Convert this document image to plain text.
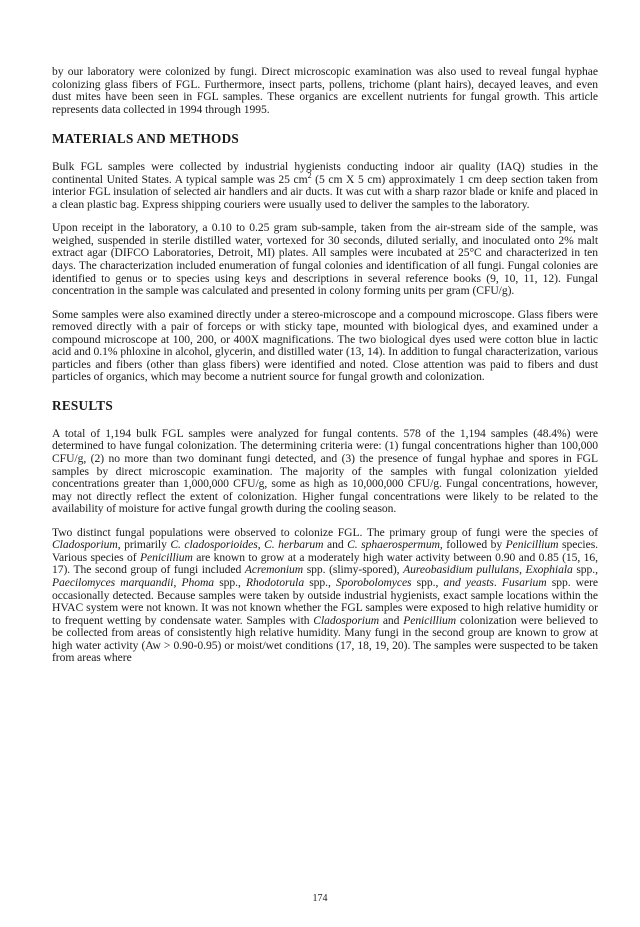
by our laboratory were colonized by fungi. Direct microscopic examination was also used to reveal fungal hyphae colonizing glass fibers of FGL. Furthermore, insect parts, pollens, trichome (plant hairs), decayed leaves, and even dust mites have been seen in FGL samples. These organics are excellent nutrients for fungal growth. This article represents data collected in 1994 through 1995.

MATERIALS AND METHODS

Bulk FGL samples were collected by industrial hygienists conducting indoor air quality (IAQ) studies in the continental United States. A typical sample was 25 $cm^2$ (5 cm X 5 cm) approximately 1 cm deep section taken from interior FGL insulation of selected air handlers and air ducts. It was cut with a sharp razor blade or knife and placed in a clean plastic bag. Express shipping couriers were usually used to deliver the samples to the laboratory.

Upon receipt in the laboratory, a 0.10 to 0.25 gram sub-sample, taken from the air-stream side of the sample, was weighed, suspended in sterile distilled water, vortexed for 30 seconds, diluted serially, and inoculated onto 2% malt extract agar (DIFCO Laboratories, Detroit, MI) plates. All samples were incubated at 25°C and characterized in ten days. The characterization included enumeration of fungal colonies and identification of all fungi. Fungal colonies are identified to genus or to species using keys and descriptions in several reference books (9, 10, 11, 12). Fungal concentration in the sample was calculated and presented in colony forming units per gram (CFU/g).

Some samples were also examined directly under a stereo-microscope and a compound microscope. Glass fibers were removed directly with a pair of forceps or with sticky tape, mounted with biological dyes, and examined under a compound microscope at 100, 200, or 400X magnifications. The two biological dyes used were cotton blue in lactic acid and 0.1% phloxine in alcohol, glycerin, and distilled water (13, 14). In addition to fungal characterization, various particles and fibers (other than glass fibers) were identified and noted. Close attention was paid to fibers and dust particles of organics, which may become a nutrient source for fungal growth and colonization.

RESULTS

A total of 1,194 bulk FGL samples were analyzed for fungal contents. 578 of the 1,194 samples (48.4%) were determined to have fungal colonization. The determining criteria were: (1) fungal concentrations higher than 100,000 CFU/g, (2) no more than two dominant fungi detected, and (3) the presence of fungal hyphae and spores in FGL samples by direct microscopic examination. The majority of the samples with fungal colonization yielded concentrations greater than 1,000,000 CFU/g, some as high as 10,000,000 CFU/g. Fungal concentrations, however, may not directly reflect the extent of colonization. Higher fungal concentrations were likely to be related to the availability of moisture for active fungal growth during the cooling season.

Two distinct fungal populations were observed to colonize FGL. The primary group of fungi were the species of Cladosporium, primarily C. cladosporioides, C. herbarum and C. sphaerospermum, followed by Penicillium species. Various species of Penicillium are known to grow at a moderately high water activity between 0.90 and 0.85 (15, 16, 17). The second group of fungi included Acremonium spp. (slimy-spored), Aureobasidium pullulans, Exophiala spp., Paecilomyces marquandii, Phoma spp., Rhodotorula spp., Sporobolomyces spp., and yeasts. Fusarium spp. were occasionally detected. Because samples were taken by outside industrial hygienists, exact sample locations within the HVAC system were not known. It was not known whether the FGL samples were exposed to high relative humidity or to frequent wetting by condensate water. Samples with Cladosporium and Penicillium colonization were believed to be collected from areas of consistently high relative humidity. Many fungi in the second group are known to grow at high water activity (Aw > 0.90-0.95) or moist/wet conditions (17, 18, 19, 20). The samples were suspected to be taken from areas where

174
